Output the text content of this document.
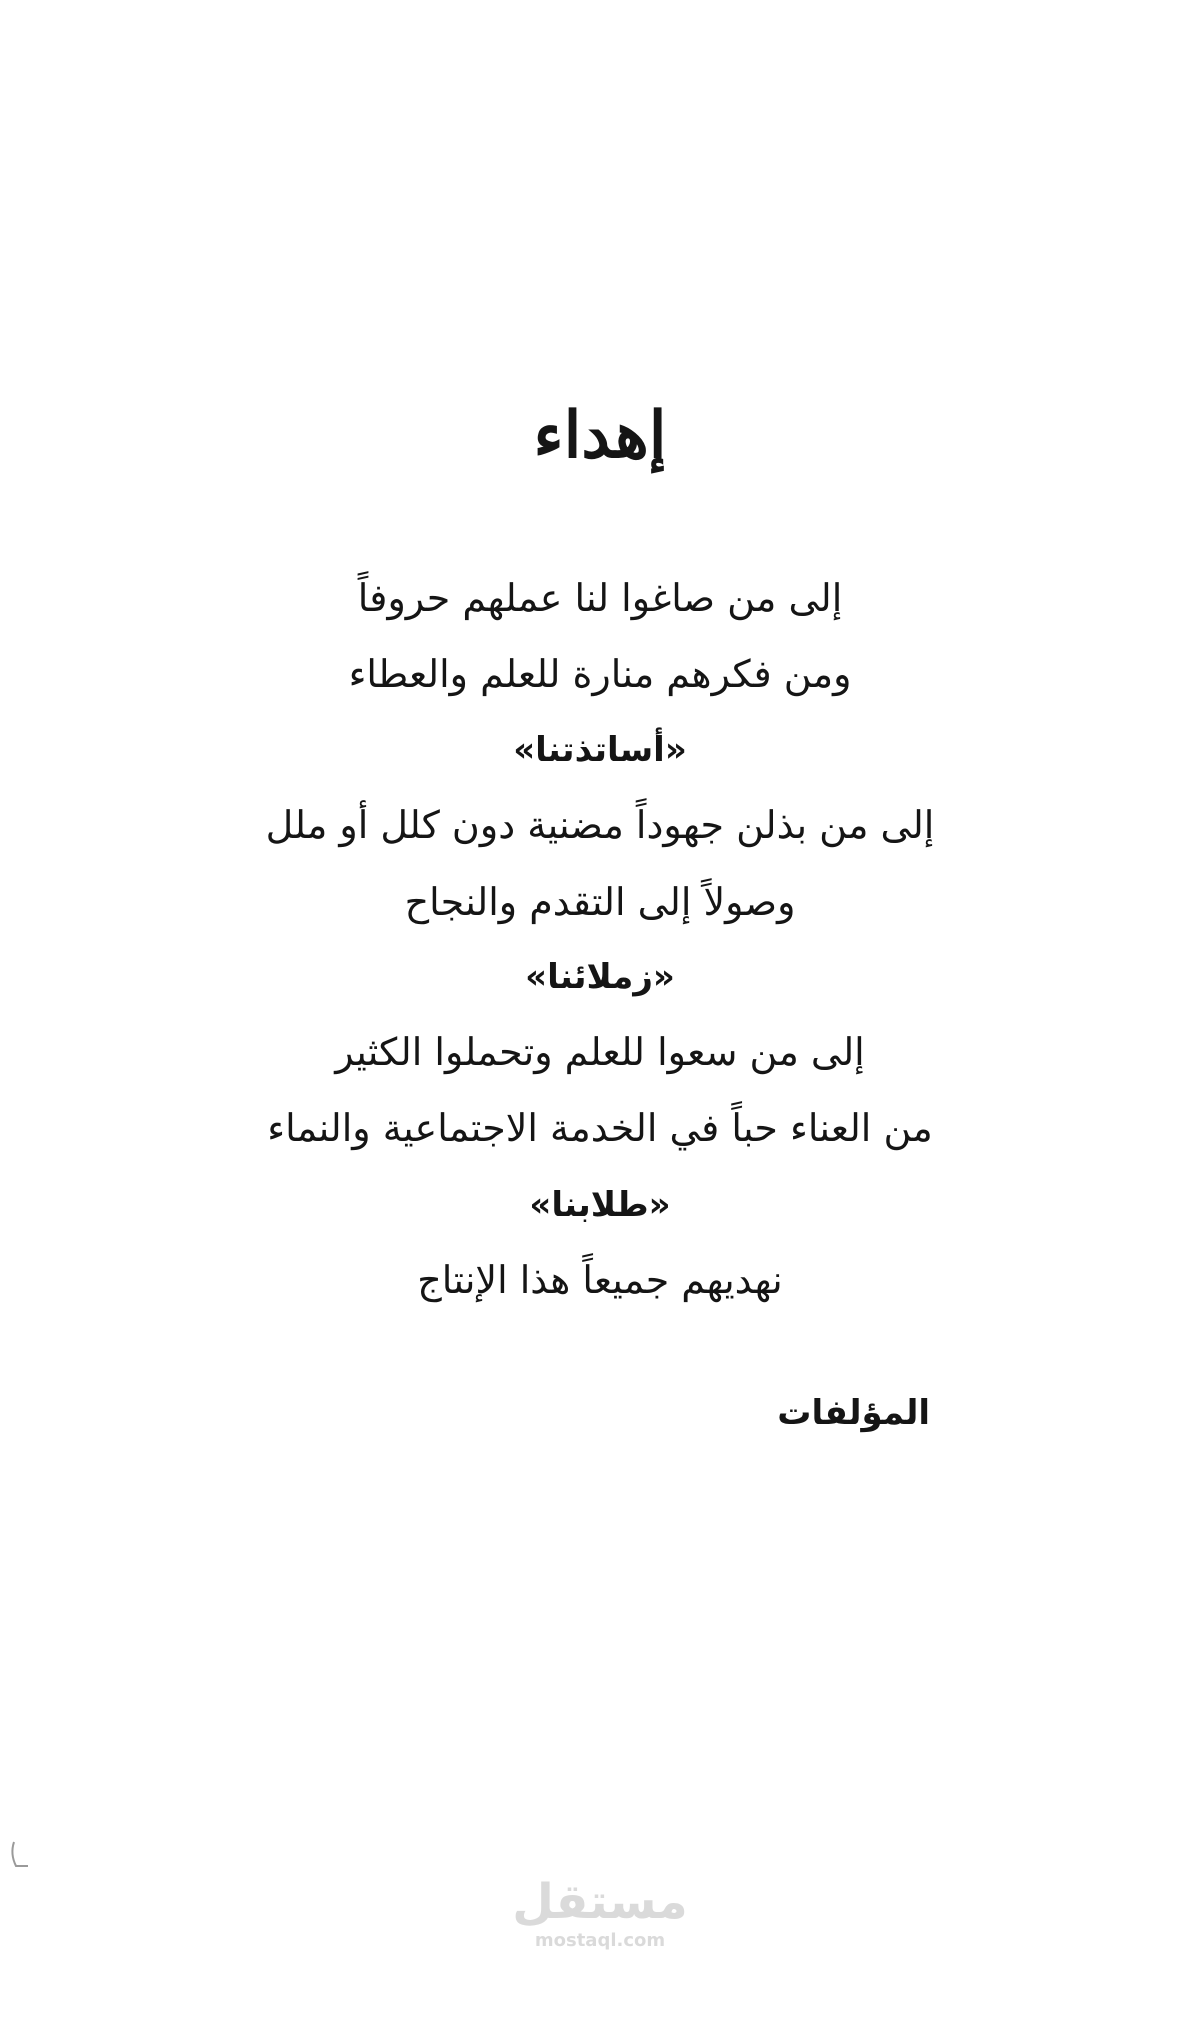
إهداء

إلى من صاغوا لنا عملهم حروفاً

ومن فكرهم منارة للعلم والعطاء

«أساتذتنا»

إلى من بذلن جهوداً مضنية دون كلل أو ملل

وصولاً إلى التقدم والنجاح

«زملائنا»

إلى من سعوا للعلم وتحملوا الكثير

من العناء حباً في الخدمة الاجتماعية والنماء

«طلابنا»

نهديهم جميعاً هذا الإنتاج

المؤلفات

مستقل
mostaql.com
